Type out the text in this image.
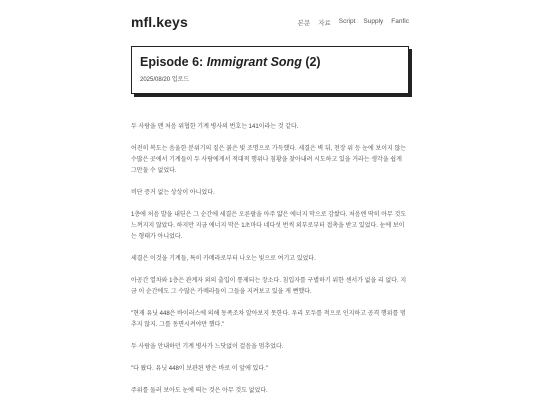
mfl.keys	본문 자료 Script Supply Fanfic
Episode 6: Immigrant Song (2)
2025/08/20 업로드

두 사람을 맨 처음 위협한 기계 병사의 번호는 141이라는 것 같다.

어전히 복도는 음울한 분위기의 짙은 붉은 빛 조명으로 가득했다. 세결은 벽 뒤, 천장 위 등 눈에 보이지 않는 수많은 곳에서 기계들이 두 사람에게서 적대적 행위나 침황을 찾아내려 시도하고 있을 거라는 생각을 쉽게 그만둘 수 없었다.

비단 증거 없는 상상이 아니었다.

1층에 처음 발을 내딛은 그 순간에 세결은 오른팔을 아주 얇은 에너지 막으로 감쌌다. 처음엔 딱히 아무 것도 느껴지지 않았다. 하지만 지금 에너지 막은 1초마다 네다섯 번씩 외부로부터 접촉을 받고 있었다. 눈에 보이는 형태가 아니었다.

세결은 이것을 기계들, 특히 카메라로부터 나오는 빛으로 여기고 있었다.

아공간 열차와 1층은 관계자 외의 출입이 통제되는 장소다. 침입자를 구별하기 위한 센서가 없을 리 없다. 지금 이 순간에도 그 수많은 카메라들이 그들을 지켜보고 있을 게 뻔했다.

"현재 유닛 448은 바이러스에 의해 동족조차 알아보지 못한다. 우리 모두를 적으로 인지하고 공격 행위를 멈추지 않지. 그를 동면시켜야만 했다."

두 사람을 안내하던 기계 병사가 느닷없이 걸음을 멈추었다.

"다 왔다. 유닛 448이 보관된 방은 바로 이 앞에 있다."

주위를 둘러 보아도 눈에 띄는 것은 아무 것도 없었다.
